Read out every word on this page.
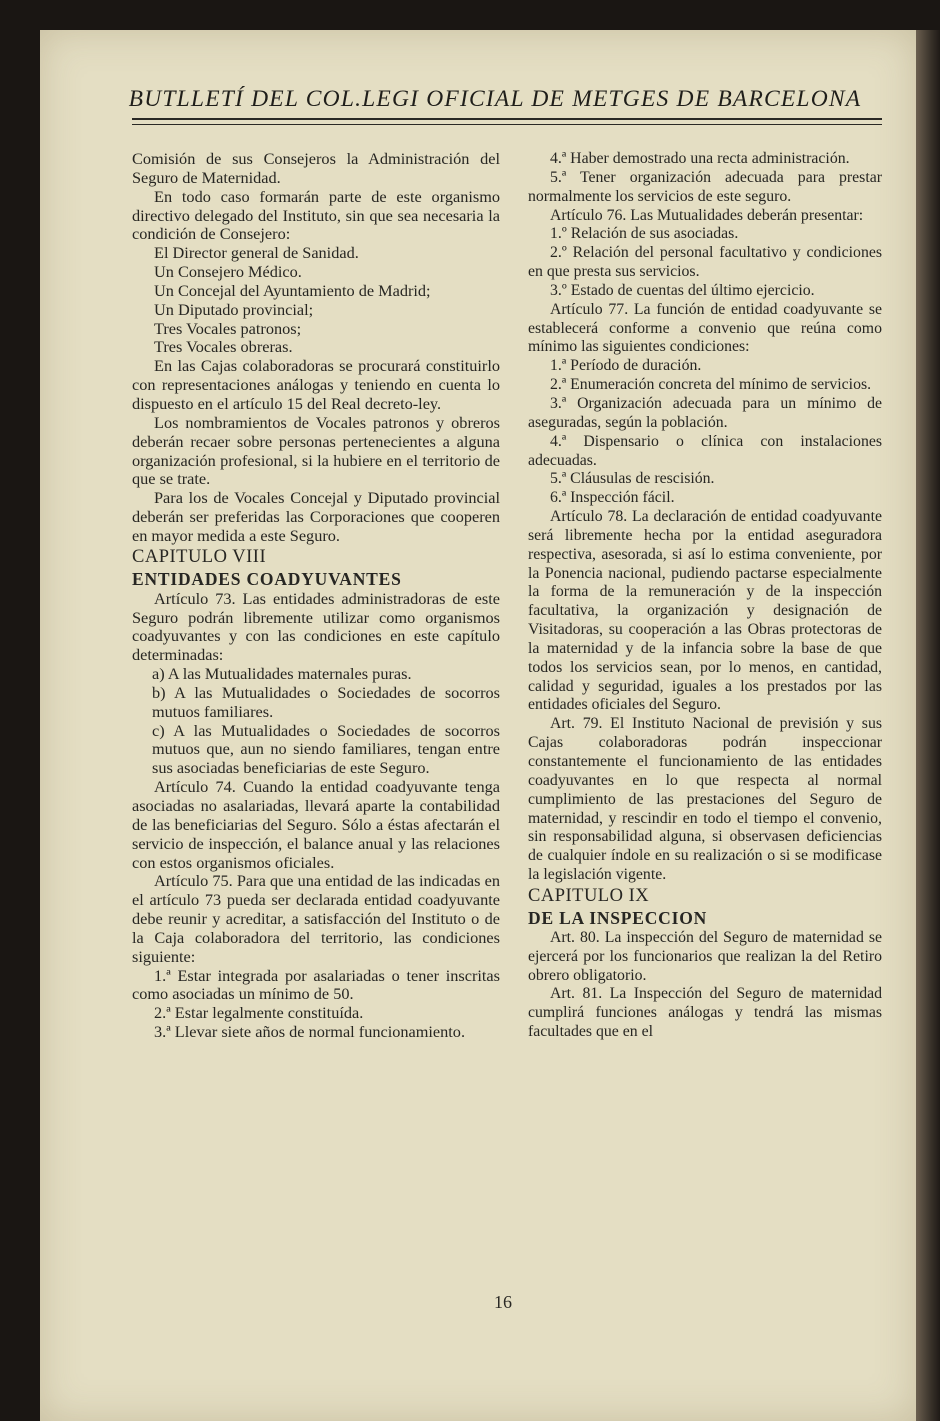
BUTLLETÍ DEL COL.LEGI OFICIAL DE METGES DE BARCELONA

Comisión de sus Consejeros la Administración del Seguro de Maternidad.

En todo caso formarán parte de este organismo directivo delegado del Instituto, sin que sea necesaria la condición de Consejero:

El Director general de Sanidad.

Un Consejero Médico.

Un Concejal del Ayuntamiento de Madrid;

Un Diputado provincial;

Tres Vocales patronos;

Tres Vocales obreras.

En las Cajas colaboradoras se procurará constituirlo con representaciones análogas y teniendo en cuenta lo dispuesto en el artículo 15 del Real decreto-ley.

Los nombramientos de Vocales patronos y obreros deberán recaer sobre personas pertenecientes a alguna organización profesional, si la hubiere en el territorio de que se trate.

Para los de Vocales Concejal y Diputado provincial deberán ser preferidas las Corporaciones que cooperen en mayor medida a este Seguro.

CAPITULO VIII

ENTIDADES COADYUVANTES

Artículo 73. Las entidades administradoras de este Seguro podrán libremente utilizar como organismos coadyuvantes y con las condiciones en este capítulo determinadas:

a) A las Mutualidades maternales puras.

b) A las Mutualidades o Sociedades de socorros mutuos familiares.

c) A las Mutualidades o Sociedades de socorros mutuos que, aun no siendo familiares, tengan entre sus asociadas beneficiarias de este Seguro.

Artículo 74. Cuando la entidad coadyuvante tenga asociadas no asalariadas, llevará aparte la contabilidad de las beneficiarias del Seguro. Sólo a éstas afectarán el servicio de inspección, el balance anual y las relaciones con estos organismos oficiales.

Artículo 75. Para que una entidad de las indicadas en el artículo 73 pueda ser declarada entidad coadyuvante debe reunir y acreditar, a satisfacción del Instituto o de la Caja colaboradora del territorio, las condiciones siguiente:

1.ª Estar integrada por asalariadas o tener inscritas como asociadas un mínimo de 50.

2.ª Estar legalmente constituída.

3.ª Llevar siete años de normal funcionamiento.

4.ª Haber demostrado una recta administración.

5.ª Tener organización adecuada para prestar normalmente los servicios de este seguro.

Artículo 76. Las Mutualidades deberán presentar:

1.º Relación de sus asociadas.

2.º Relación del personal facultativo y condiciones en que presta sus servicios.

3.º Estado de cuentas del último ejercicio.

Artículo 77. La función de entidad coadyuvante se establecerá conforme a convenio que reúna como mínimo las siguientes condiciones:

1.ª Período de duración.

2.ª Enumeración concreta del mínimo de servicios.

3.ª Organización adecuada para un mínimo de aseguradas, según la población.

4.ª Dispensario o clínica con instalaciones adecuadas.

5.ª Cláusulas de rescisión.

6.ª Inspección fácil.

Artículo 78. La declaración de entidad coadyuvante será libremente hecha por la entidad aseguradora respectiva, asesorada, si así lo estima conveniente, por la Ponencia nacional, pudiendo pactarse especialmente la forma de la remuneración y de la inspección facultativa, la organización y designación de Visitadoras, su cooperación a las Obras protectoras de la maternidad y de la infancia sobre la base de que todos los servicios sean, por lo menos, en cantidad, calidad y seguridad, iguales a los prestados por las entidades oficiales del Seguro.

Art. 79. El Instituto Nacional de previsión y sus Cajas colaboradoras podrán inspeccionar constantemente el funcionamiento de las entidades coadyuvantes en lo que respecta al normal cumplimiento de las prestaciones del Seguro de maternidad, y rescindir en todo el tiempo el convenio, sin responsabilidad alguna, si observasen deficiencias de cualquier índole en su realización o si se modificase la legislación vigente.

CAPITULO IX

DE LA INSPECCION

Art. 80. La inspección del Seguro de maternidad se ejercerá por los funcionarios que realizan la del Retiro obrero obligatorio.

Art. 81. La Inspección del Seguro de maternidad cumplirá funciones análogas y tendrá las mismas facultades que en el

16
